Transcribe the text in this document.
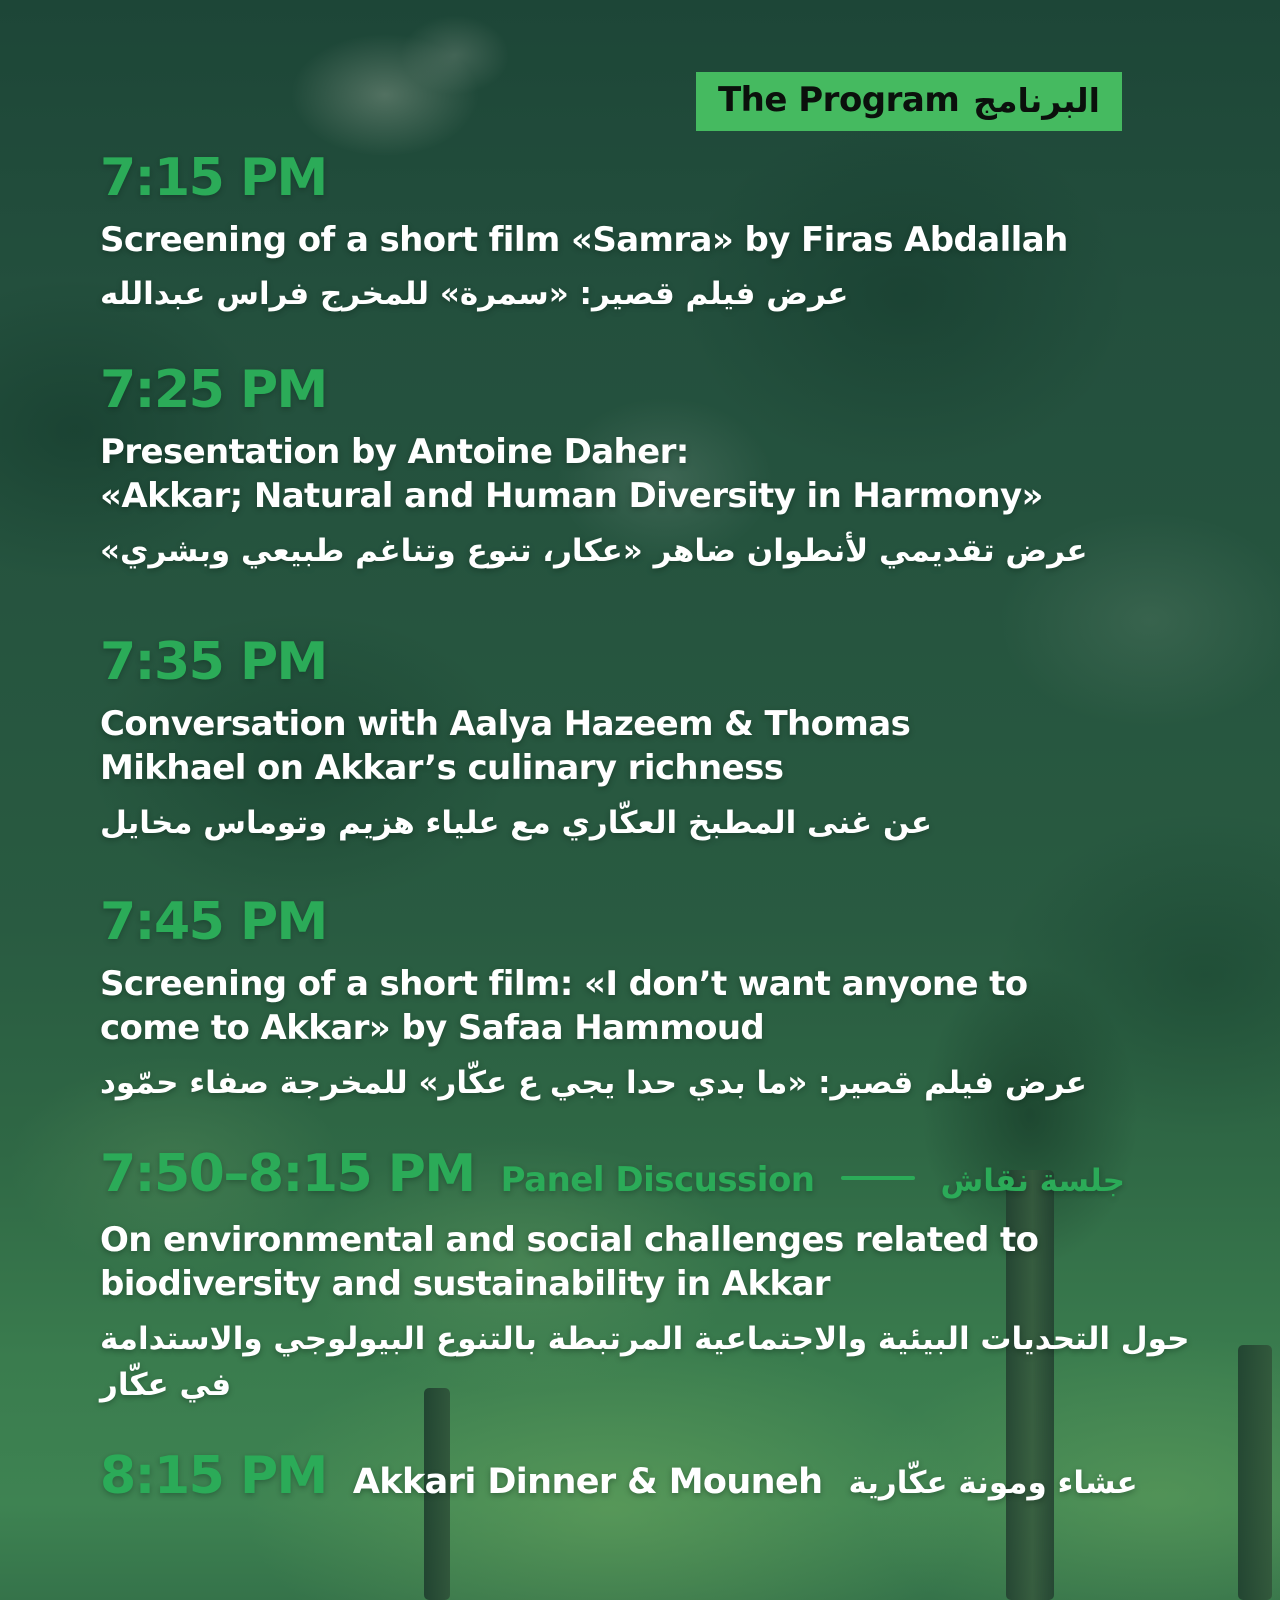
The Program البرنامج
7:15 PM
Screening of a short film «Samra» by Firas Abdallah
عرض فيلم قصير: «سمرة» للمخرج فراس عبدالله
7:25 PM
Presentation by Antoine Daher:
«Akkar; Natural and Human Diversity in Harmony»
عرض تقديمي لأنطوان ضاهر «عكار، تنوع وتناغم طبيعي وبشري»
7:35 PM
Conversation with Aalya Hazeem & Thomas
Mikhael on Akkar’s culinary richness
عن غنى المطبخ العكّاري مع علياء هزيم وتوماس مخايل
7:45 PM
Screening of a short film: «I don’t want anyone to
come to Akkar» by Safaa Hammoud
عرض فيلم قصير: «ما بدي حدا يجي ع عكّار» للمخرجة صفاء حمّود
7:50–8:15 PM Panel Discussion	جلسة نقاش
On environmental and social challenges related to
biodiversity and sustainability in Akkar
حول التحديات البيئية والاجتماعية المرتبطة بالتنوع البيولوجي والاستدامة في عكّار
8:15 PM Akkari Dinner & Mouneh عشاء ومونة عكّارية
